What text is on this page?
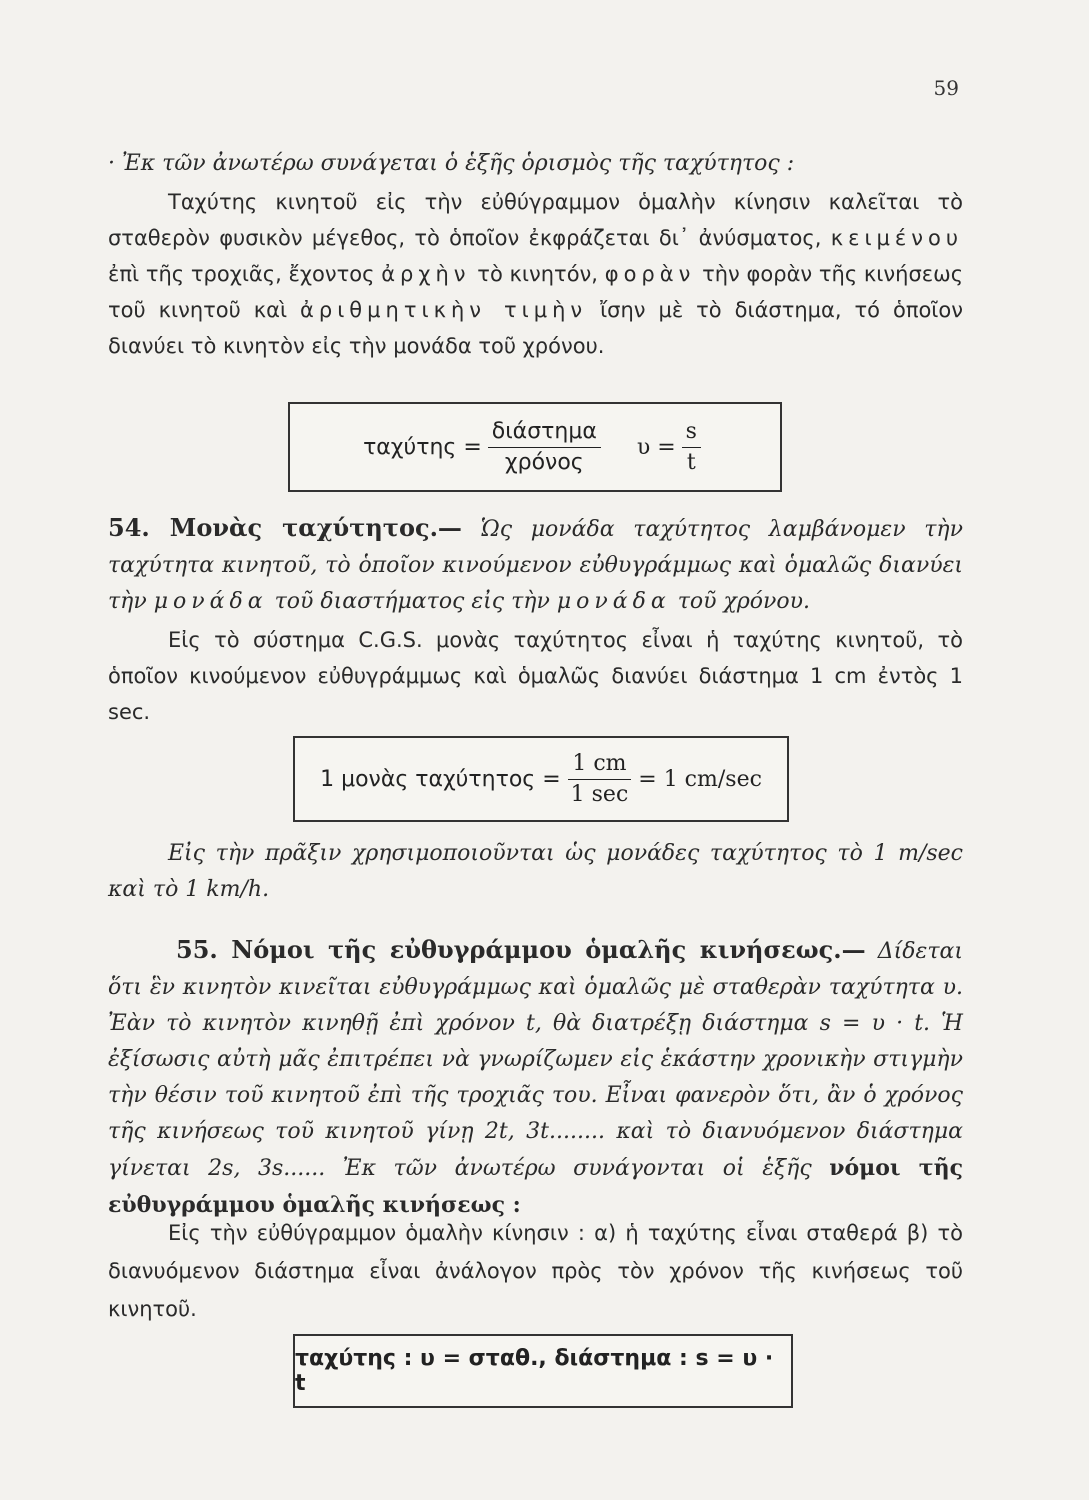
59

· Ἐκ τῶν ἀνωτέρω συνάγεται ὁ ἑξῆς ὁρισμὸς τῆς ταχύτητος :

Ταχύτης κινητοῦ εἰς τὴν εὐθύγραμμον ὁμαλὴν κίνησιν καλεῖται τὸ σταθερὸν φυσικὸν μέγεθος, τὸ ὁποῖον ἐκφράζεται δι᾽ ἀνύσματος, κειμένου ἐπὶ τῆς τροχιᾶς, ἔχοντος ἀρχὴν τὸ κινητόν, φορὰν τὴν φορὰν τῆς κινήσεως τοῦ κινητοῦ καὶ ἀριθμητικὴν τιμὴν ἴσην μὲ τὸ διάστημα, τό ὁποῖον διανύει τὸ κινητὸν εἰς τὴν μονάδα τοῦ χρόνου.

$\tau\alpha\chi ύ\tau\eta\varsigma = \frac{\text{διάστημα}}{\text{χρόνος}}$ $\upsilon = \frac{s}{t}$

54. Μονὰς ταχύτητος.— Ὡς μονάδα ταχύτητος λαμβάνομεν τὴν ταχύτητα κινητοῦ, τὸ ὁποῖον κινούμενον εὐθυγράμμως καὶ ὁμαλῶς διανύει τὴν μονάδα τοῦ διαστήματος εἰς τὴν μονάδα τοῦ χρόνου.

Εἰς τὸ σύστημα C.G.S. μονὰς ταχύτητος εἶναι ἡ ταχύτης κινητοῦ, τὸ ὁποῖον κινούμενον εὐθυγράμμως καὶ ὁμαλῶς διανύει διάστημα 1 cm ἐντὸς 1 sec.

1 μονὰς $\tau\alpha\chi ύ\tau\eta\tau o\varsigma = \frac{1 cm}{1 \sec} = 1$ cm/sec

Εἰς τὴν πρᾶξιν χρησιμοποιοῦνται ὡς μονάδες ταχύτητος τὸ 1 m/sec καὶ τὸ 1 km/h.

55. Νόμοι τῆς εὐθυγράμμου ὁμαλῆς κινήσεως.— Δίδεται ὅτι ἓν κινητὸν κινεῖται εὐθυγράμμως καὶ ὁμαλῶς μὲ σταθερὰν ταχύτητα υ. Ἐὰν τὸ κινητὸν κινηθῇ ἐπὶ χρόνον t, θὰ διατρέξῃ διάστημα s = υ · t. Ἡ ἐξίσωσις αὐτὴ μᾶς ἐπιτρέπει νὰ γνωρίζωμεν εἰς ἑκάστην χρονικὴν στιγμὴν τὴν θέσιν τοῦ κινητοῦ ἐπὶ τῆς τροχιᾶς του. Εἶναι φανερὸν ὅτι, ἂν ὁ χρόνος τῆς κινήσεως τοῦ κινητοῦ γίνῃ 2t, 3t........ καὶ τὸ διανυόμενον διάστημα γίνεται 2s, 3s...... Ἐκ τῶν ἀνωτέρω συνάγονται οἱ ἑξῆς νόμοι τῆς εὐθυγράμμου ὁμαλῆς κινήσεως :

Εἰς τὴν εὐθύγραμμον ὁμαλὴν κίνησιν : α) ἡ ταχύτης εἶναι σταθερά β) τὸ διανυόμενον διάστημα εἶναι ἀνάλογον πρὸς τὸν χρόνον τῆς κινήσεως τοῦ κινητοῦ.

ταχύτης : υ = σταθ., διάστημα : s = υ · t
